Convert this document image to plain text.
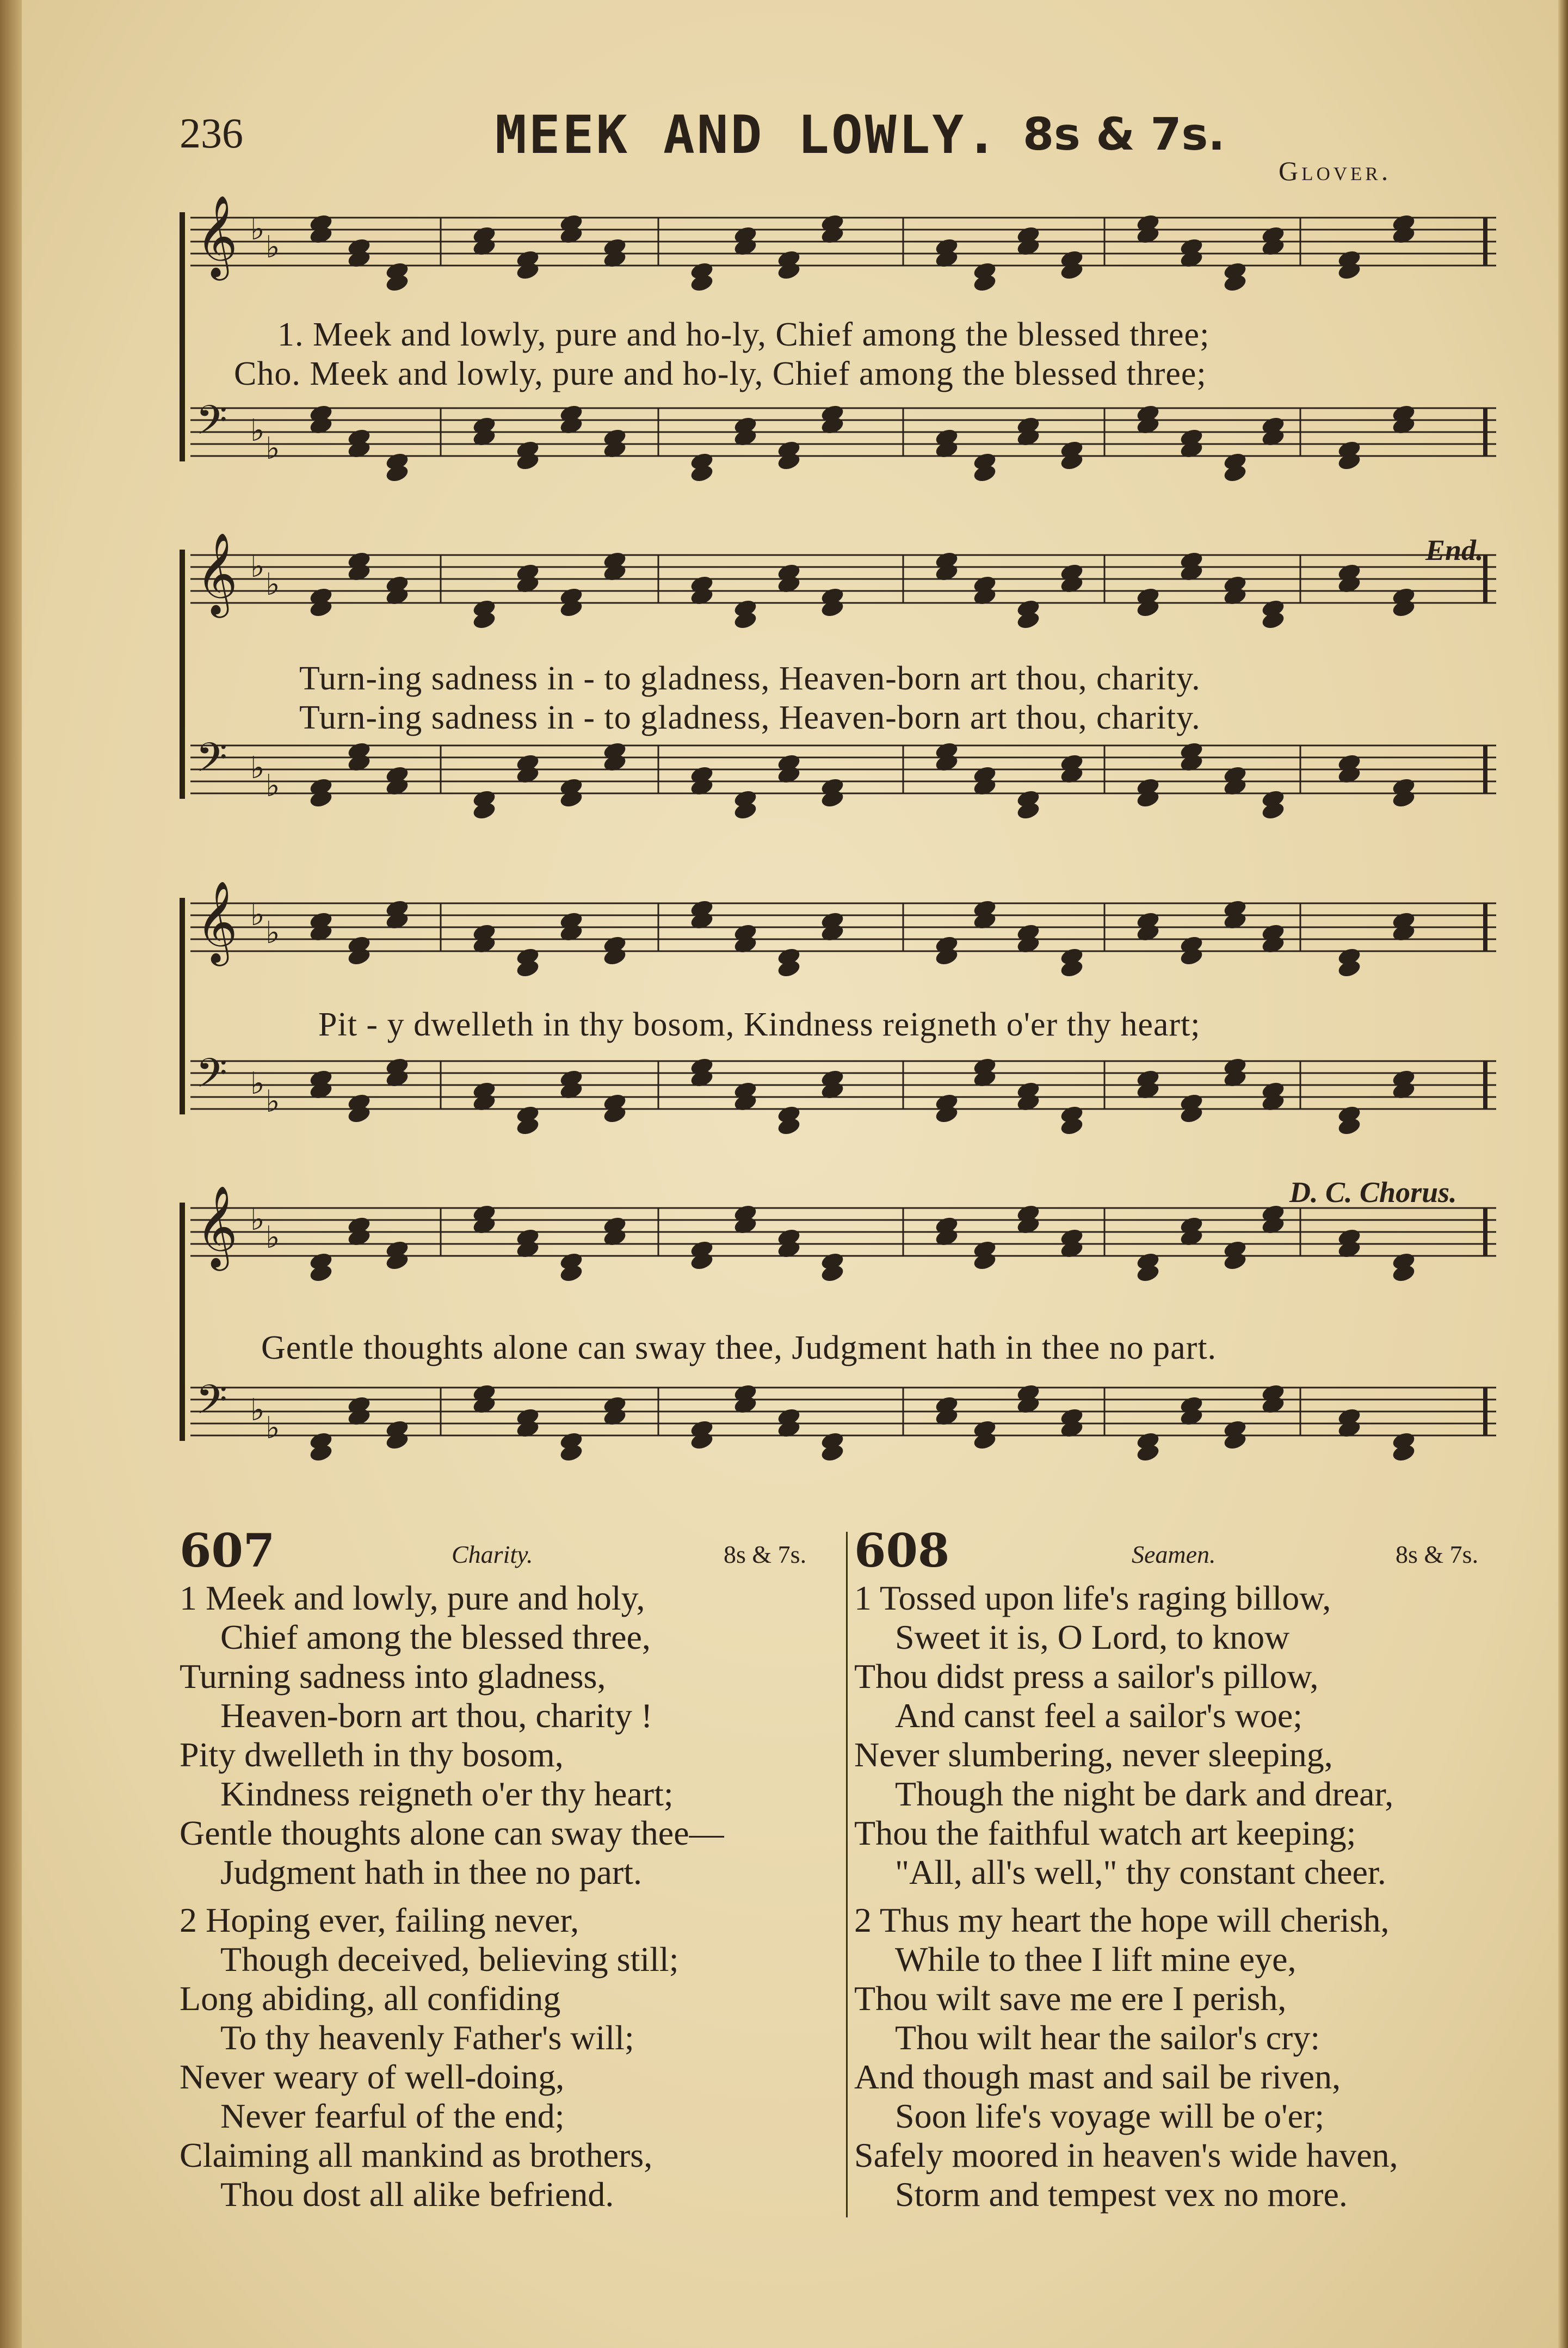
236	MEEK AND LOWLY. 8s & 7s.
Glover.
𝄞 ♭
♭
𝄢 ♭
♭
1. Meek and lowly, pure and ho-ly, Chief among the blessed three;
Cho. Meek and lowly, pure and ho-ly, Chief among the blessed three;
𝄞 ♭
♭
𝄢 ♭
♭
End.
Turn-ing sadness in - to gladness, Heaven-born art thou, charity.
Turn-ing sadness in - to gladness, Heaven-born art thou, charity.
𝄞 ♭
♭
𝄢 ♭
♭
Pit - y dwelleth in thy bosom, Kindness reigneth o'er thy heart;
𝄞 ♭
♭
𝄢 ♭
♭
D. C. Chorus.
Gentle thoughts alone can sway thee, Judgment hath in thee no part.
607	Charity.	8s & 7s.
1 Meek and lowly, pure and holy,
Chief among the blessed three,
Turning sadness into gladness,
Heaven-born art thou, charity !
Pity dwelleth in thy bosom,
Kindness reigneth o'er thy heart;
Gentle thoughts alone can sway thee—
Judgment hath in thee no part.
2 Hoping ever, failing never,
Though deceived, believing still;
Long abiding, all confiding
To thy heavenly Father's will;
Never weary of well-doing,
Never fearful of the end;
Claiming all mankind as brothers,
Thou dost all alike befriend.
608	Seamen.	8s & 7s.
1 Tossed upon life's raging billow,
Sweet it is, O Lord, to know
Thou didst press a sailor's pillow,
And canst feel a sailor's woe;
Never slumbering, never sleeping,
Though the night be dark and drear,
Thou the faithful watch art keeping;
"All, all's well," thy constant cheer.
2 Thus my heart the hope will cherish,
While to thee I lift mine eye,
Thou wilt save me ere I perish,
Thou wilt hear the sailor's cry:
And though mast and sail be riven,
Soon life's voyage will be o'er;
Safely moored in heaven's wide haven,
Storm and tempest vex no more.
